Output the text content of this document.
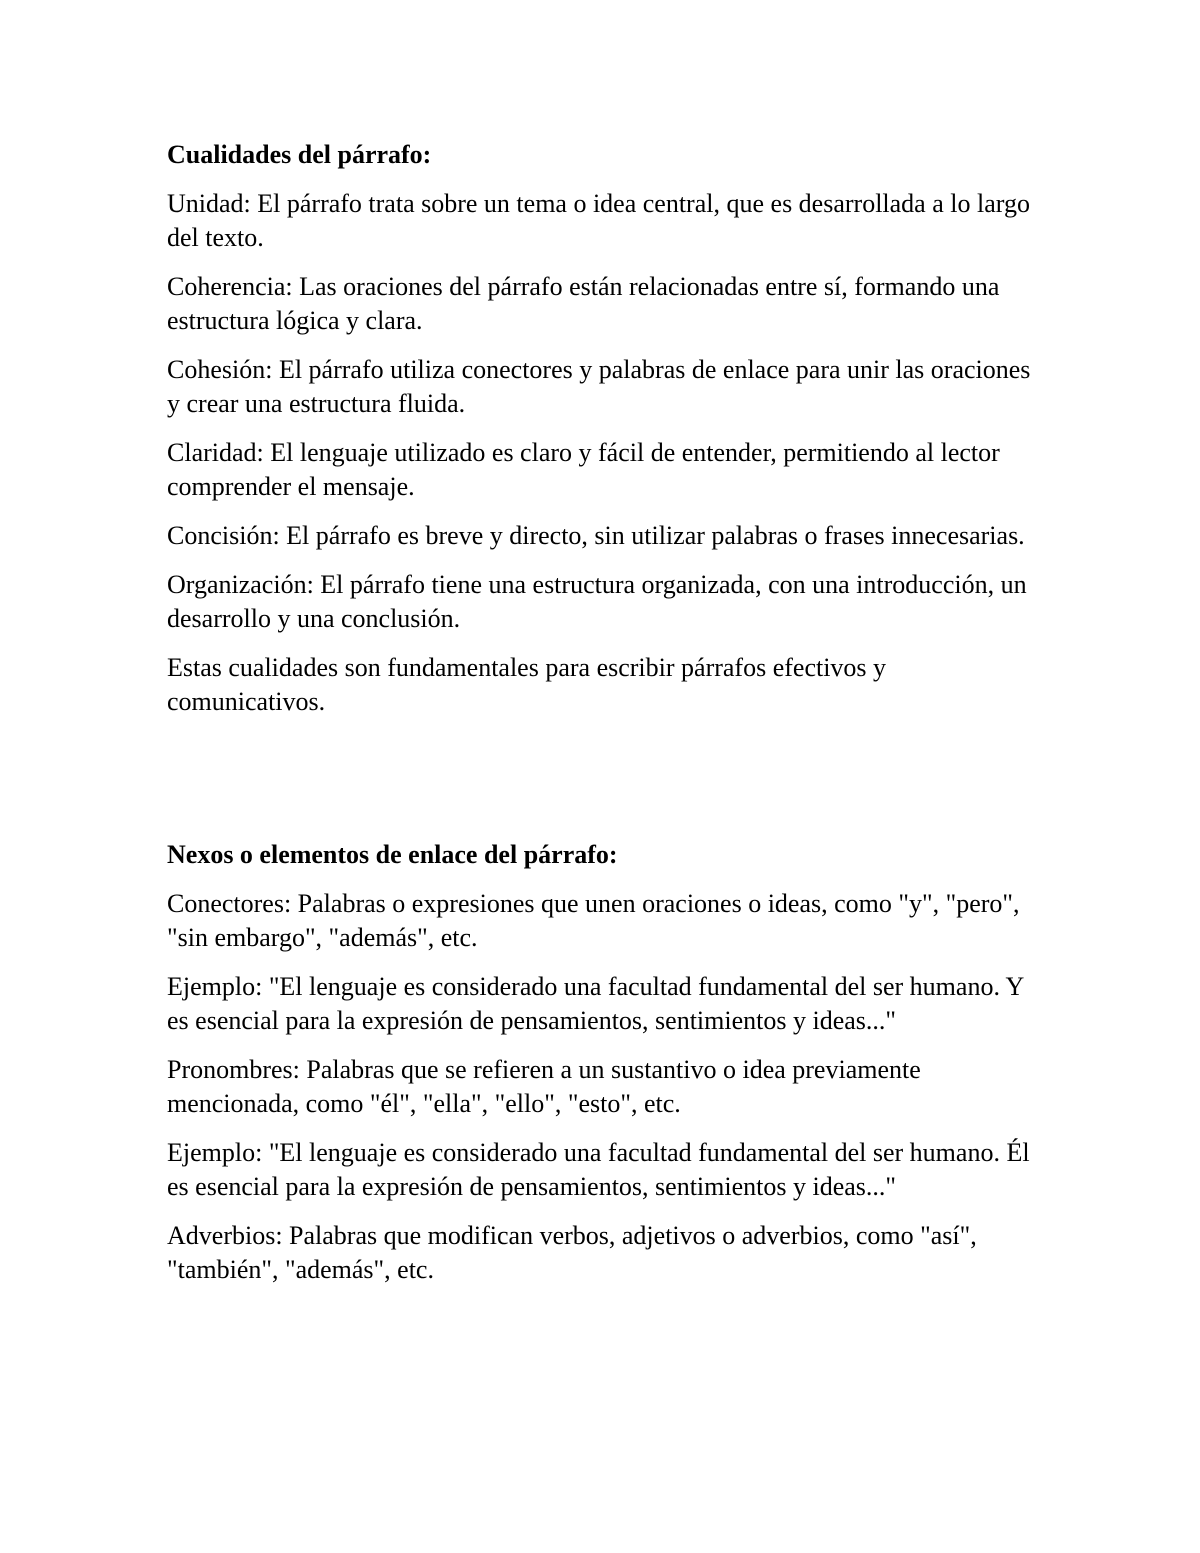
Cualidades del párrafo:
Unidad: El párrafo trata sobre un tema o idea central, que es desarrollada a lo largo del texto.
Coherencia: Las oraciones del párrafo están relacionadas entre sí, formando una estructura lógica y clara.
Cohesión: El párrafo utiliza conectores y palabras de enlace para unir las oraciones y crear una estructura fluida.
Claridad: El lenguaje utilizado es claro y fácil de entender, permitiendo al lector comprender el mensaje.
Concisión: El párrafo es breve y directo, sin utilizar palabras o frases innecesarias.
Organización: El párrafo tiene una estructura organizada, con una introducción, un desarrollo y una conclusión.
Estas cualidades son fundamentales para escribir párrafos efectivos y comunicativos.
Nexos o elementos de enlace del párrafo:
Conectores: Palabras o expresiones que unen oraciones o ideas, como "y", "pero", "sin embargo", "además", etc.
Ejemplo: "El lenguaje es considerado una facultad fundamental del ser humano. Y es esencial para la expresión de pensamientos, sentimientos y ideas..."
Pronombres: Palabras que se refieren a un sustantivo o idea previamente mencionada, como "él", "ella", "ello", "esto", etc.
Ejemplo: "El lenguaje es considerado una facultad fundamental del ser humano. Él es esencial para la expresión de pensamientos, sentimientos y ideas..."
Adverbios: Palabras que modifican verbos, adjetivos o adverbios, como "así", "también", "además", etc.
